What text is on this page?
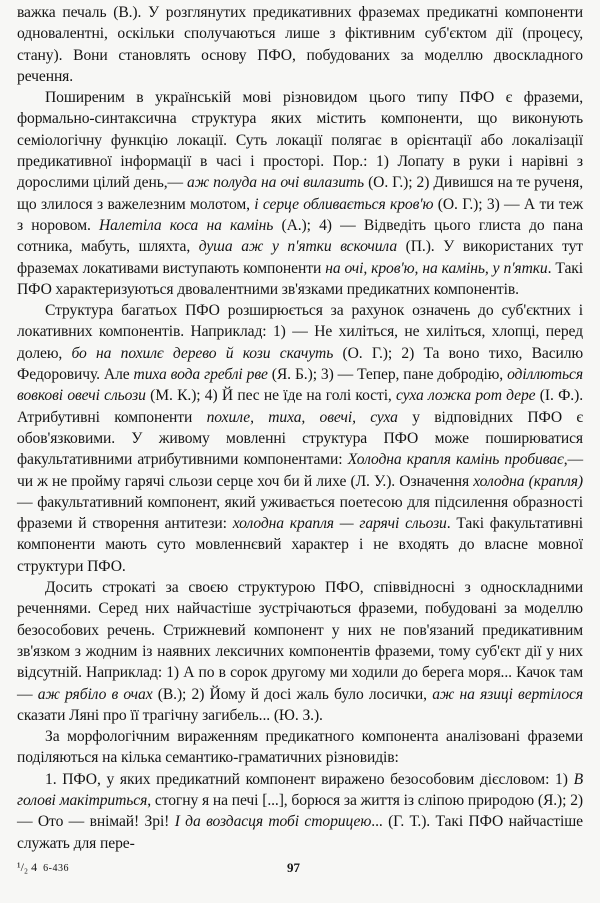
важка печаль (В.). У розглянутих предикативних фраземах предикатні компоненти одновалентні, оскільки сполучаються лише з фіктивним суб'єктом дії (процесу, стану). Вони становлять основу ПФО, побудованих за моделлю двоскладного речення.

Поширеним в українській мові різновидом цього типу ПФО є фраземи, формально-синтаксична структура яких містить компоненти, що виконують семіологічну функцію локації. Суть локації полягає в орієнтації або локалізації предикативної інформації в часі і просторі. Пор.: 1) Лопату в руки і нарівні з дорослими цілий день,— аж полуда на очі вилазить (О. Г.); 2) Дивишся на те рученя, що злилося з важелезним молотом, і серце обливається кров'ю (О. Г.); 3) — А ти теж з норовом. Налетіла коса на камінь (А.); 4) — Відведіть цього глиста до пана сотника, мабуть, шляхта, душа аж у п'ятки вскочила (П.). У використаних тут фраземах локативами виступають компоненти на очі, кров'ю, на камінь, у п'ятки. Такі ПФО характеризуються двовалентними зв'язками предикатних компонентів.

Структура багатьох ПФО розширюється за рахунок означень до суб'єктних і локативних компонентів. Наприклад: 1) — Не хиліться, не хиліться, хлопці, перед долею, бо на похилє дерево й кози скачуть (О. Г.); 2) Та воно тихо, Василю Федоровичу. Але тиха вода греблі рве (Я. Б.); 3) — Тепер, пане добродію, оділлються вовкові овечі сльози (М. К.); 4) Й пес не їде на голі кості, суха ложка рот дере (І. Ф.). Атрибутивні компоненти похиле, тиха, овечі, суха у відповідних ПФО є обов'язковими. У живому мовленні структура ПФО може поширюватися факультативними атрибутивними компонентами: Холодна крапля камінь пробиває,— чи ж не пройму гарячі сльози серце хоч би й лихе (Л. У.). Означення холодна (крапля) — факультативний компонент, який уживається поетесою для підсилення образності фраземи й створення антитези: холодна крапля — гарячі сльози. Такі факультативні компоненти мають суто мовленнєвий характер і не входять до власне мовної структури ПФО.

Досить строкаті за своєю структурою ПФО, співвідносні з односкладними реченнями. Серед них найчастіше зустрічаються фраземи, побудовані за моделлю безособових речень. Стрижневий компонент у них не пов'язаний предикативним зв'язком з жодним із наявних лексичних компонентів фраземи, тому суб'єкт дії у них відсутній. Наприклад: 1) А по в сорок другому ми ходили до берега моря... Качок там — аж рябіло в очах (В.); 2) Йому й досі жаль було лосички, аж на язиці вертілося сказати Ляні про її трагічну загибель... (Ю. З.).

За морфологічним вираженням предикатного компонента аналізовані фраземи поділяються на кілька семантико-граматичних різновидів:

1. ПФО, у яких предикатний компонент виражено безособовим дієсловом: 1) В голові макітриться, стогну я на печі [...], борюся за життя із сліпою природою (Я.); 2) — Ото — внімай! Зрі! І да воздасця тобі сторицею... (Г. Т.). Такі ПФО найчастіше служать для пере-

¹/₂ 4 6-436	97
